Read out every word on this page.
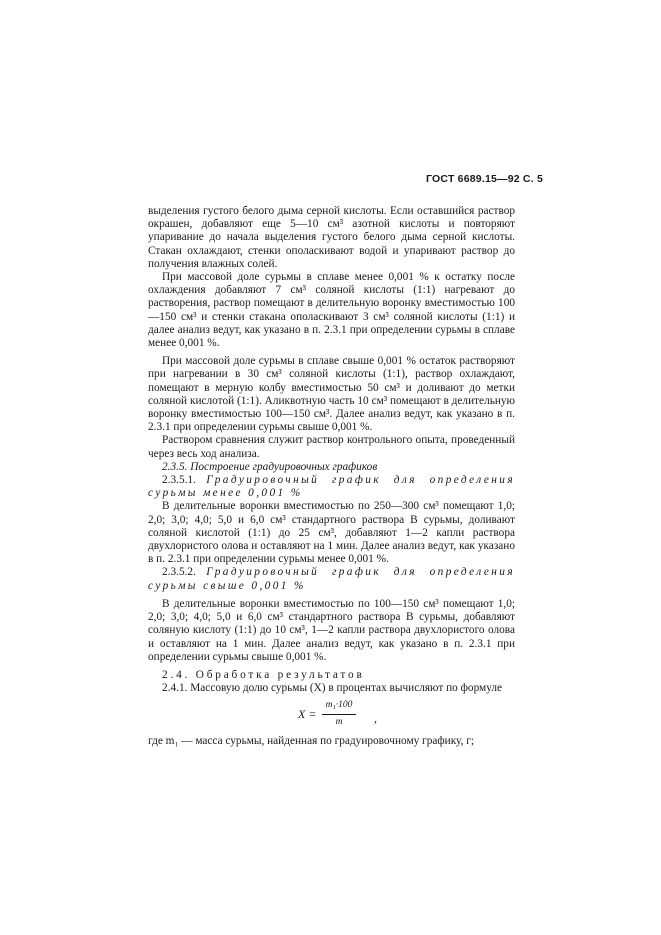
ГОСТ 6689.15—92 С. 5

выделения густого белого дыма серной кислоты. Если оставшийся раствор окрашен, добавляют еще 5—10 см³ азотной кислоты и повторяют упаривание до начала выделения густого белого дыма серной кислоты. Стакан охлаждают, стенки ополаскивают водой и упаривают раствор до получения влажных солей.

При массовой доле сурьмы в сплаве менее 0,001 % к остатку после охлаждения добавляют 7 см³ соляной кислоты (1:1) нагревают до растворения, раствор помещают в делительную воронку вместимостью 100—150 см³ и стенки стакана ополаскивают 3 см³ соляной кислоты (1:1) и далее анализ ведут, как указано в п. 2.3.1 при определении сурьмы в сплаве менее 0,001 %.

При массовой доле сурьмы в сплаве свыше 0,001 % остаток растворяют при нагревании в 30 см³ соляной кислоты (1:1), раствор охлаждают, помещают в мерную колбу вместимостью 50 см³ и доливают до метки соляной кислотой (1:1). Аликвотную часть 10 см³ помещают в делительную воронку вместимостью 100—150 см³. Далее анализ ведут, как указано в п. 2.3.1 при определении сурьмы свыше 0,001 %.

Раствором сравнения служит раствор контрольного опыта, проведенный через весь ход анализа.

2.3.5. Построение градуировочных графиков

2.3.5.1. Градуировочный график для определения сурьмы менее 0,001 %

В делительные воронки вместимостью по 250—300 см³ помещают 1,0; 2,0; 3,0; 4,0; 5,0 и 6,0 см³ стандартного раствора В сурьмы, доливают соляной кислотой (1:1) до 25 см³, добавляют 1—2 капли раствора двухлористого олова и оставляют на 1 мин. Далее анализ ведут, как указано в п. 2.3.1 при определении сурьмы менее 0,001 %.

2.3.5.2. Градуировочный график для определения сурьмы свыше 0,001 %

В делительные воронки вместимостью по 100—150 см³ помещают 1,0; 2,0; 3,0; 4,0; 5,0 и 6,0 см³ стандартного раствора В сурьмы, добавляют соляную кислоту (1:1) до 10 см³, 1—2 капли раствора двухлористого олова и оставляют на 1 мин. Далее анализ ведут, как указано в п. 2.3.1 при определении сурьмы свыше 0,001 %.

2.4. Обработка результатов

2.4.1. Массовую долю сурьмы (X) в процентах вычисляют по формуле

$X = \frac{\text{m₁·100}}{m}$ ,

где m₁ — масса сурьмы, найденная по градуировочному графику, г;
